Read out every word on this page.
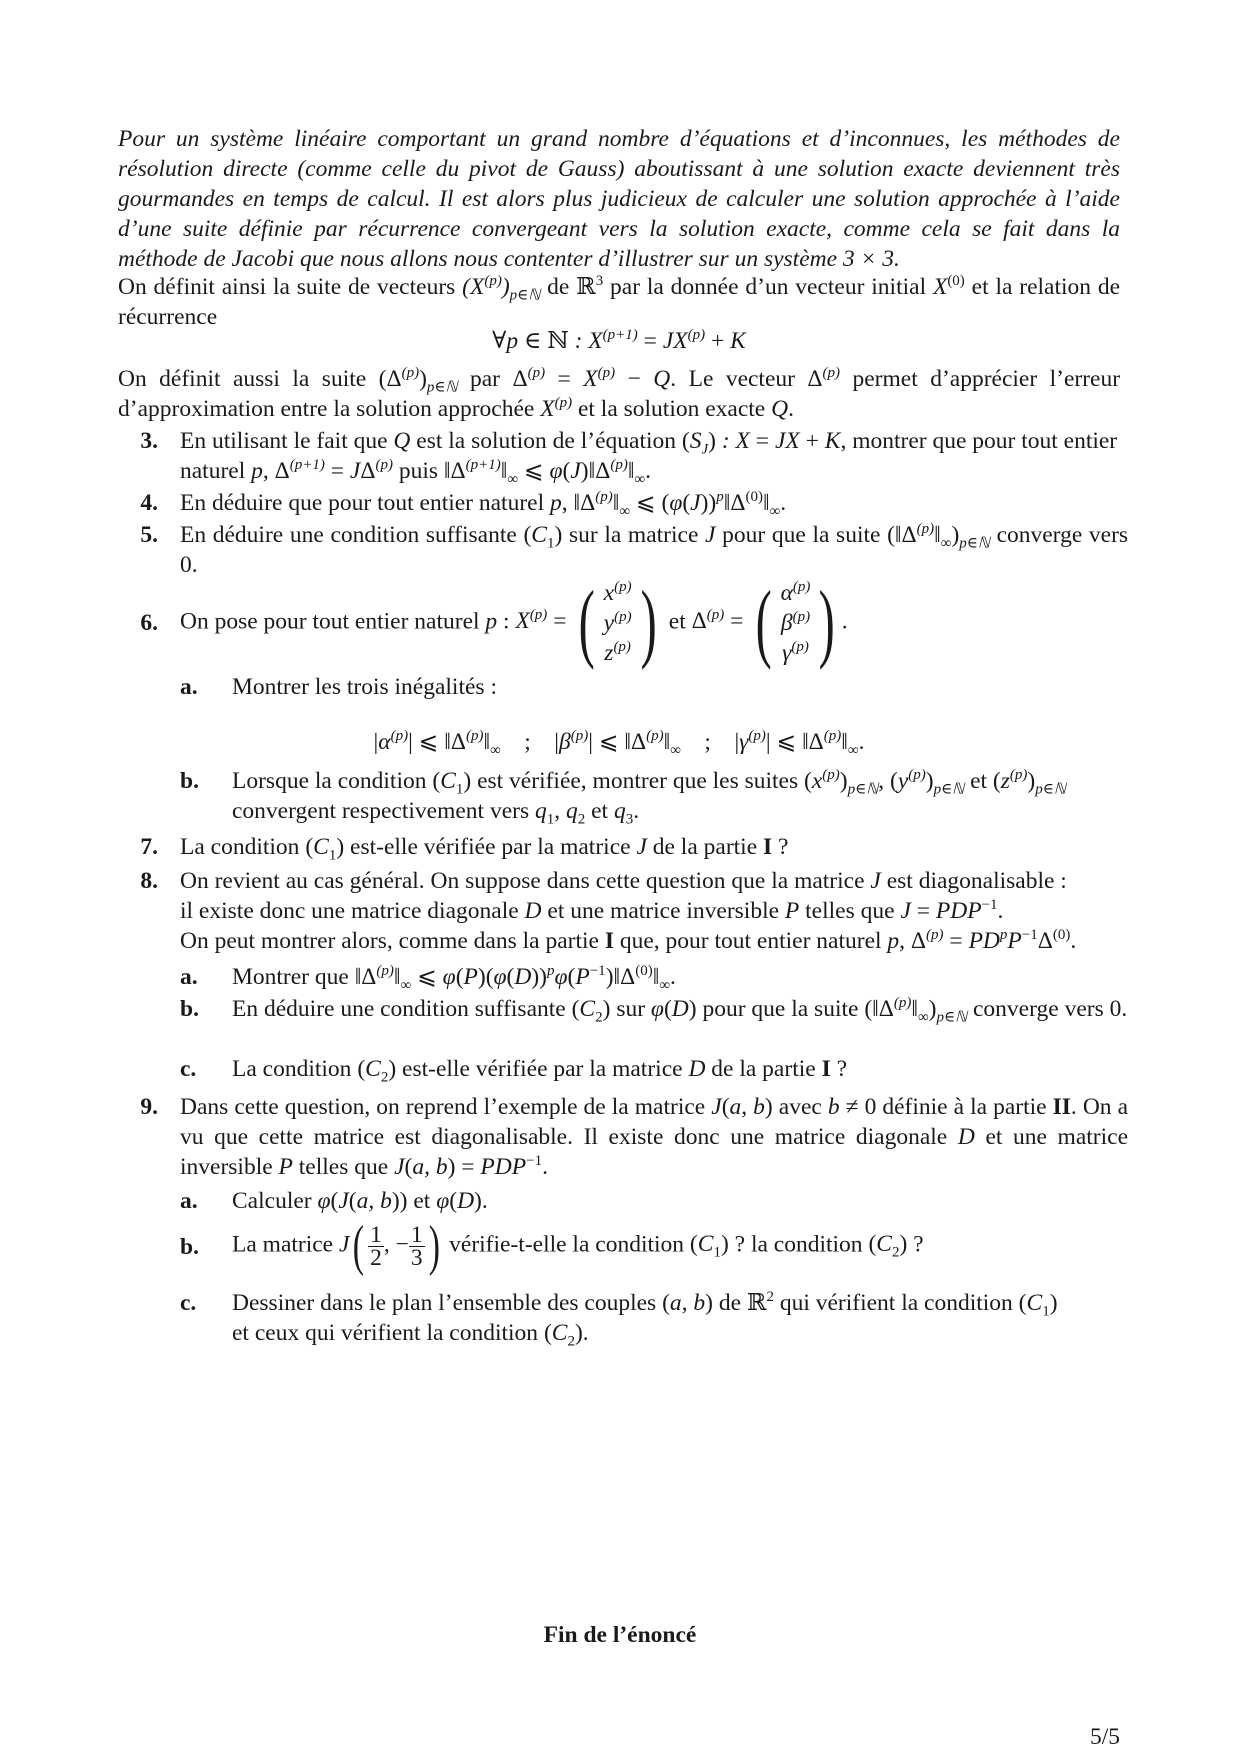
Pour un système linéaire comportant un grand nombre d’équations et d’inconnues, les méthodes de résolution directe (comme celle du pivot de Gauss) aboutissant à une solution exacte deviennent très gourmandes en temps de calcul. Il est alors plus judicieux de calculer une solution approchée à l’aide d’une suite définie par récurrence convergeant vers la solution exacte, comme cela se fait dans la méthode de Jacobi que nous allons nous contenter d’illustrer sur un système 3 × 3.
On définit ainsi la suite de vecteurs $(X^{(p)})_{p\in ℕ}$ de ℝ$^3$ par la donnée d’un vecteur initial $X^{(0)}$ et la relation de récurrence
∀p ∈ ℕ : $X^{(p+1)} = JX^{(p)} + K$
On définit aussi la suite $(\Delta^{(p)})_{p\in ℕ}$ par $\Delta^{(p)} = X^{(p)} - Q$. Le vecteur $\Delta^{(p)}$ permet d’apprécier l’erreur d’approximation entre la solution approchée $X^{(p)}$ et la solution exacte Q.
3. En utilisant le fait que Q est la solution de l’équation $(S_J)$ : X = JX + K, montrer que pour tout entier naturel p, $\Delta^{(p+1)} = J\Delta^{(p)}$ puis $‖\Delta^{(p+1)}‖_\infty$ ⩽ $\varphi(J)‖\Delta^{(p)}‖_\infty$.
4. En déduire que pour tout entier naturel p, $‖\Delta^{(p)}‖_\infty$ ⩽ $(\varphi(J))^p‖\Delta^{(0)}‖_\infty$.
5. En déduire une condition suffisante $(C_1)$ sur la matrice J pour que la suite $(‖\Delta^{(p)}‖_\infty)_{p\in ℕ}$ converge vers 0.
6. On pose pour tout entier naturel p : $X^{(p)}$ = ( $x^{(p)}$
$y^{(p)}$
$z^{(p)}$ ) et $\Delta^{(p)}$ = ( $\alpha^{(p)}$
$\beta^{(p)}$
$\gamma^{(p)}$ ) .
a.	Montrer les trois inégalités :
$|\alpha^{(p)}|$ ⩽ $‖\Delta^{(p)}‖_\infty$    ;    $|\beta^{(p)}|$ ⩽ $‖\Delta^{(p)}‖_\infty$    ;    $|\gamma^{(p)}|$ ⩽ $‖\Delta^{(p)}‖_\infty$.
b.	Lorsque la condition $(C_1)$ est vérifiée, montrer que les suites $(x^{(p)})_{p\in ℕ}$, $(y^{(p)})_{p\in ℕ}$ et $(z^{(p)})_{p\in ℕ}$ convergent respectivement vers $q_1$, $q_2$ et $q_3$.
7. La condition $(C_1)$ est-elle vérifiée par la matrice J de la partie I ?
8. On revient au cas général. On suppose dans cette question que la matrice J est diagonalisable :
il existe donc une matrice diagonale D et une matrice inversible P telles que $J = PDP^{-1}$.
On peut montrer alors, comme dans la partie I que, pour tout entier naturel p, $\Delta^{(p)} = PD^pP^{-1}\Delta^{(0)}$.
a.	Montrer que $‖\Delta^{(p)}‖_\infty$ ⩽ $\varphi(P)(\varphi(D))^p\varphi(P^{-1})‖\Delta^{(0)}‖_\infty$.
b.	En déduire une condition suffisante $(C_2)$ sur φ(D) pour que la suite $(‖\Delta^{(p)}‖_\infty)_{p\in ℕ}$ converge vers 0.
c.	La condition $(C_2)$ est-elle vérifiée par la matrice D de la partie I ?
9. Dans cette question, on reprend l’exemple de la matrice J(a, b) avec b ≠ 0 définie à la partie II. On a vu que cette matrice est diagonalisable. Il existe donc une matrice diagonale D et une matrice inversible P telles que J(a, $b) = PDP^{-1}$.
a.	Calculer φ(J(a, b)) et φ(D).
b.	La matrice $J( \frac{1}{2}$ , − $\frac{1}{3}$ ) vérifie-t-elle la condition $(C_1)$ ? la condition $(C_2)$ ?
c.	Dessiner dans le plan l’ensemble des couples (a, b) de ℝ$^2$ qui vérifient la condition $(C_1)$
et ceux qui vérifient la condition $(C_2)$.
Fin de l’énoncé
5/5
